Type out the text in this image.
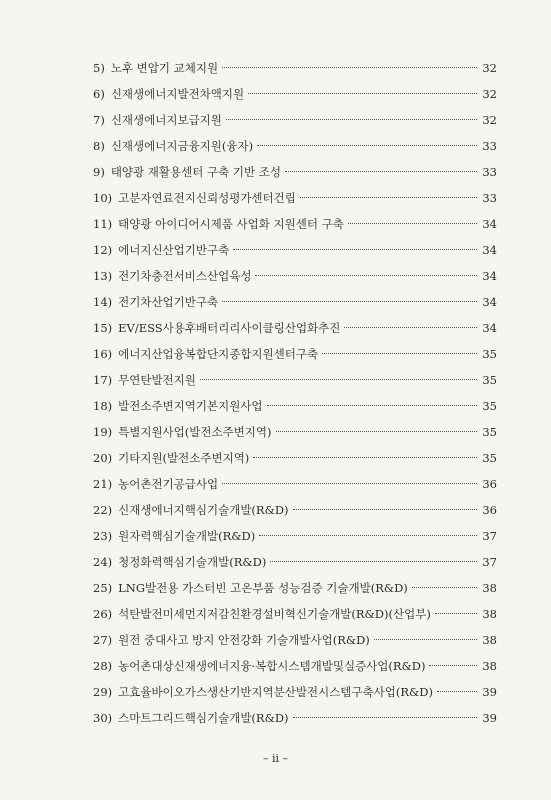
5) 노후 변압기 교체지원	32
6) 신재생에너지발전차액지원	32
7) 신재생에너지보급지원	32
8) 신재생에너지금융지원(융자)	33
9) 태양광 재활용센터 구축 기반 조성	33
10) 고분자연료전지신뢰성평가센터건립	33
11) 태양광 아이디어시제품 사업화 지원센터 구축	34
12) 에너지신산업기반구축	34
13) 전기차충전서비스산업육성	34
14) 전기차산업기반구축	34
15) EV/ESS사용후배터리리사이클링산업화추진	34
16) 에너지산업융복합단지종합지원센터구축	35
17) 무연탄발전지원	35
18) 발전소주변지역기본지원사업	35
19) 특별지원사업(발전소주변지역)	35
20) 기타지원(발전소주변지역)	35
21) 농어촌전기공급사업	36
22) 신재생에너지핵심기술개발(R&D)	36
23) 원자력핵심기술개발(R&D)	37
24) 청정화력핵심기술개발(R&D)	37
25) LNG발전용 가스터빈 고온부품 성능검증 기술개발(R&D)	38
26) 석탄발전미세먼지저감친환경설비혁신기술개발(R&D)(산업부)	38
27) 원전 중대사고 방지 안전강화 기술개발사업(R&D)	38
28) 농어촌대상신재생에너지융·복합시스템개발및실증사업(R&D)	38
29) 고효율바이오가스생산기반지역분산발전시스템구축사업(R&D)	39
30) 스마트그리드핵심기술개발(R&D)	39
– ii –
